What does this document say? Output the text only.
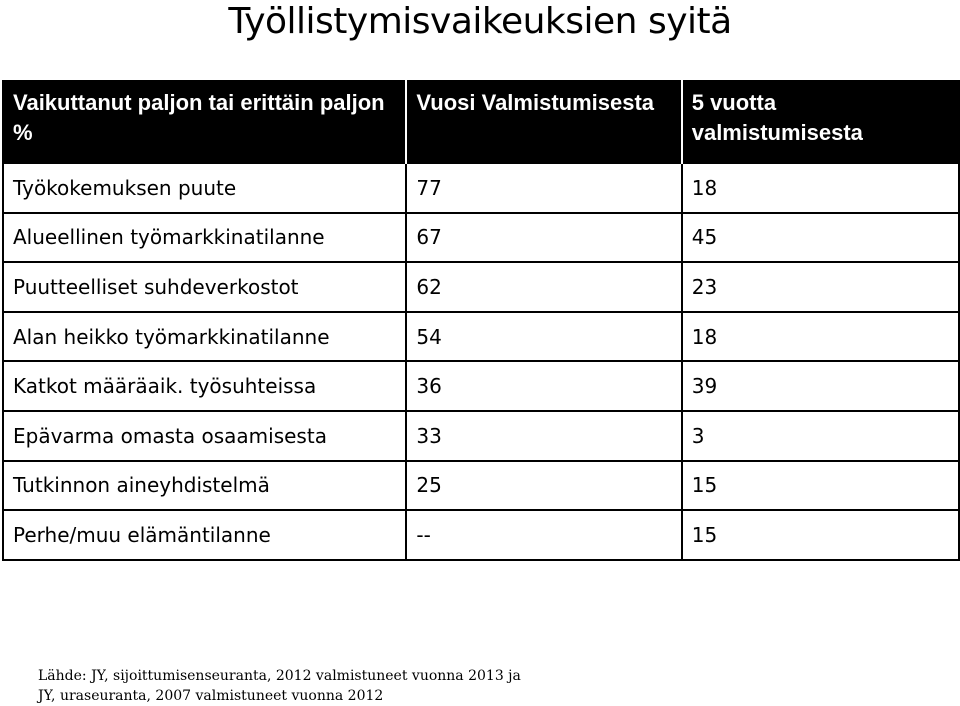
Työllistymisvaikeuksien syitä
Vaikuttanut paljon tai erittäin paljon %	Vuosi Valmistumisesta	5 vuotta valmistumisesta
Työkokemuksen puute	77	18
Alueellinen työmarkkinatilanne	67	45
Puutteelliset suhdeverkostot	62	23
Alan heikko työmarkkinatilanne	54	18
Katkot määräaik. työsuhteissa	36	39
Epävarma omasta osaamisesta	33	3
Tutkinnon aineyhdistelmä	25	15
Perhe/muu elämäntilanne	--	15
Lähde: JY, sijoittumisenseuranta, 2012 valmistuneet vuonna 2013 ja
JY, uraseuranta, 2007 valmistuneet vuonna 2012
